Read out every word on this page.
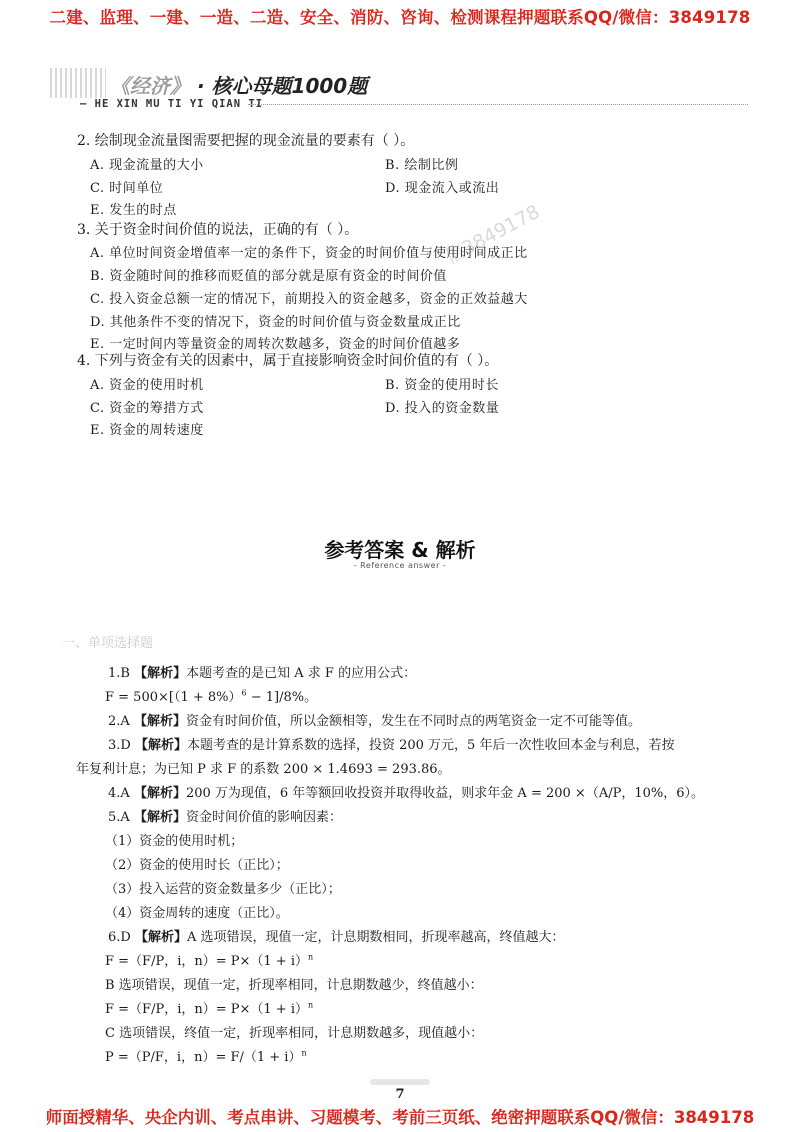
二建、监理、一建、一造、二造、安全、消防、咨询、检测课程押题联系QQ/微信：3849178
《经济》 · 核心母题1000题
— HE XIN MU TI YI QIAN TI
2. 绘制现金流量图需要把握的现金流量的要素有（ ）。
A. 现金流量的大小	B. 绘制比例
C. 时间单位	D. 现金流入或流出
E. 发生的时点
3. 关于资金时间价值的说法，正确的有（ ）。
A. 单位时间资金增值率一定的条件下，资金的时间价值与使用时间成正比
B. 资金随时间的推移而贬值的部分就是原有资金的时间价值
C. 投入资金总额一定的情况下，前期投入的资金越多，资金的正效益越大
D. 其他条件不变的情况下，资金的时间价值与资金数量成正比
E. 一定时间内等量资金的周转次数越多，资金的时间价值越多
4. 下列与资金有关的因素中，属于直接影响资金时间价值的有（ ）。
A. 资金的使用时机	B. 资金的使用时长
C. 资金的筹措方式	D. 投入的资金数量
E. 资金的周转速度
信3849178
参考答案 & 解析
- Reference answer -
一、单项选择题
1.B 【解析】本题考查的是已知 A 求 F 的应用公式：
$F = 500\times[(1 + 8\%)^6 - 1]/8\%$。
2.A 【解析】资金有时间价值，所以金额相等，发生在不同时点的两笔资金一定不可能等值。
3.D 【解析】本题考查的是计算系数的选择，投资 200 万元，5 年后一次性收回本金与利息，若按
年复利计息；为已知 P 求 F 的系数 200 × 1.4693 = 293.86。
4.A 【解析】200 万为现值，6 年等额回收投资并取得收益，则求年金 A = 200 ×（A/P，10%，6）。
5.A 【解析】资金时间价值的影响因素：
（1）资金的使用时机；
（2）资金的使用时长（正比）；
（3）投入运营的资金数量多少（正比）；
（4）资金周转的速度（正比）。
6.D 【解析】A 选项错误，现值一定，计息期数相同，折现率越高，终值越大：
F =（F/P，i，$n)= P\times(1 + i)^n$
B 选项错误，现值一定，折现率相同，计息期数越少，终值越小：
F =（F/P，i，$n)= P\times(1 + i)^n$
C 选项错误，终值一定，折现率相同，计息期数越多，现值越小：
P =（P/F，i，$n)= F/(1 + i)^n$
7
师面授精华、央企内训、考点串讲、习题模考、考前三页纸、绝密押题联系QQ/微信：3849178
